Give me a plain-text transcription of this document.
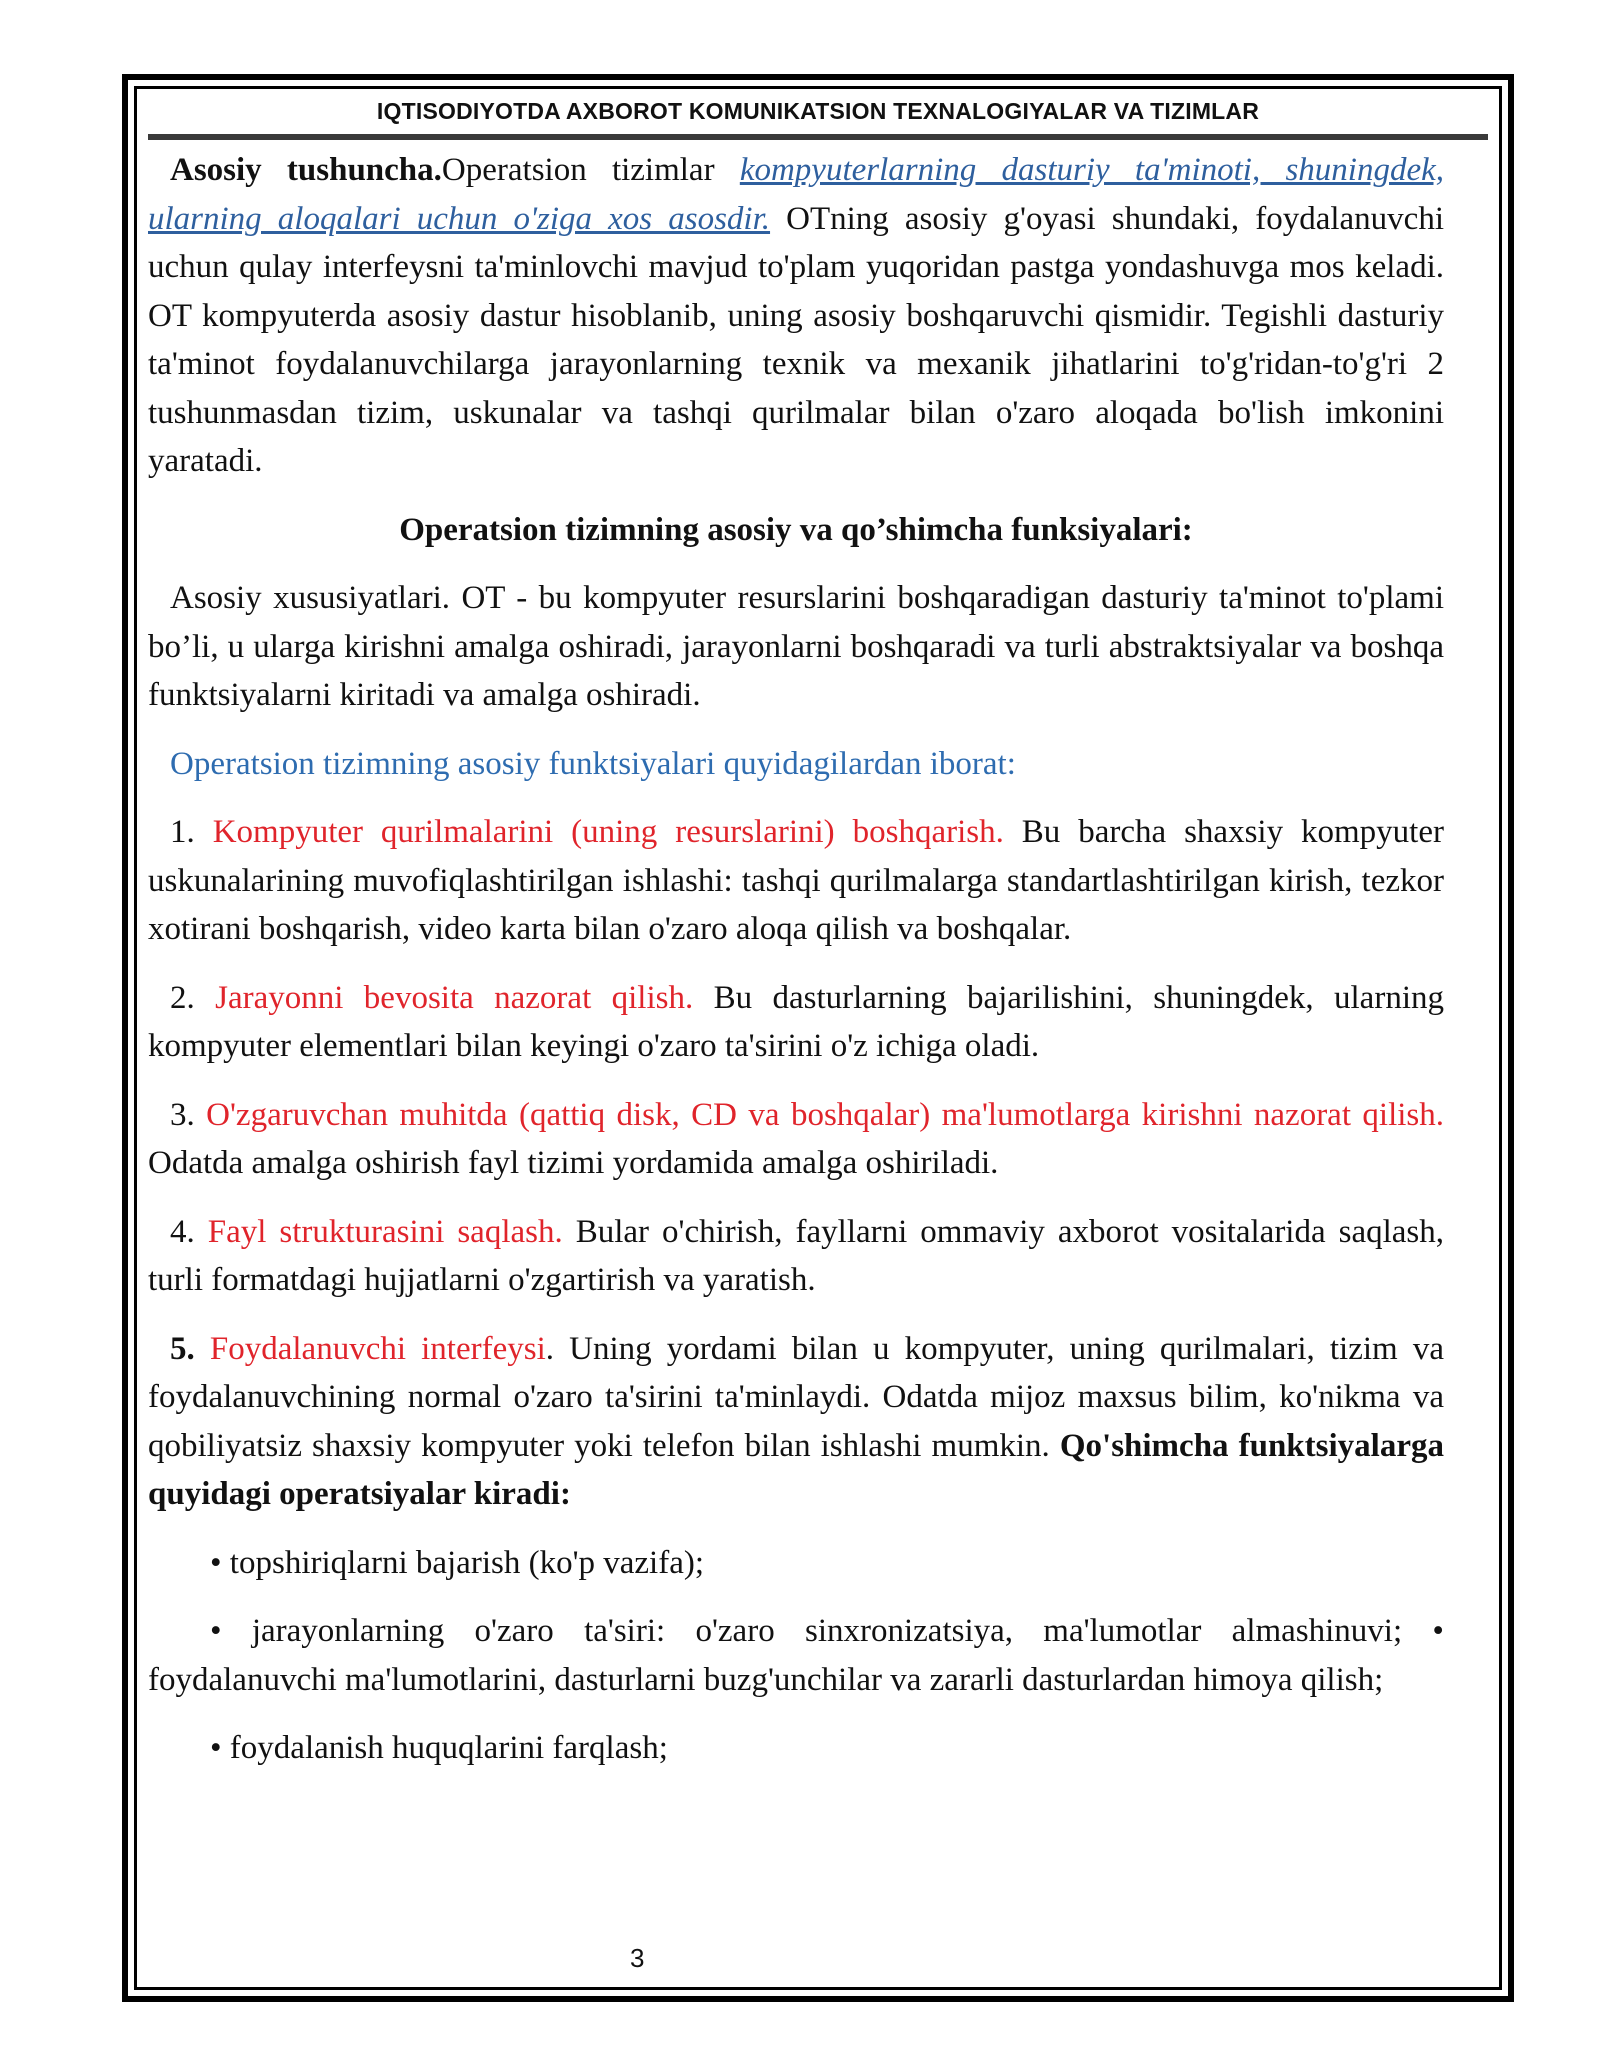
IQTISODIYOTDA AXBOROT KOMUNIKATSION TEXNALOGIYALAR VA TIZIMLAR

Asosiy tushuncha.Operatsion tizimlar kompyuterlarning dasturiy ta'minoti, shuningdek, ularning aloqalari uchun o'ziga xos asosdir. OTning asosiy g'oyasi shundaki, foydalanuvchi uchun qulay interfeysni ta'minlovchi mavjud to'plam yuqoridan pastga yondashuvga mos keladi. OT kompyuterda asosiy dastur hisoblanib, uning asosiy boshqaruvchi qismidir. Tegishli dasturiy ta'minot foydalanuvchilarga jarayonlarning texnik va mexanik jihatlarini to'g'ridan-to'g'ri 2 tushunmasdan tizim, uskunalar va tashqi qurilmalar bilan o'zaro aloqada bo'lish imkonini yaratadi.

Operatsion tizimning asosiy va qo’shimcha funksiyalari:

Asosiy xususiyatlari. OT - bu kompyuter resurslarini boshqaradigan dasturiy ta'minot to'plami bo’li, u ularga kirishni amalga oshiradi, jarayonlarni boshqaradi va turli abstraktsiyalar va boshqa funktsiyalarni kiritadi va amalga oshiradi.

Operatsion tizimning asosiy funktsiyalari quyidagilardan iborat:

1. Kompyuter qurilmalarini (uning resurslarini) boshqarish. Bu barcha shaxsiy kompyuter uskunalarining muvofiqlashtirilgan ishlashi: tashqi qurilmalarga standartlashtirilgan kirish, tezkor xotirani boshqarish, video karta bilan o'zaro aloqa qilish va boshqalar.

2. Jarayonni bevosita nazorat qilish. Bu dasturlarning bajarilishini, shuningdek, ularning kompyuter elementlari bilan keyingi o'zaro ta'sirini o'z ichiga oladi.

3. O'zgaruvchan muhitda (qattiq disk, CD va boshqalar) ma'lumotlarga kirishni nazorat qilish. Odatda amalga oshirish fayl tizimi yordamida amalga oshiriladi.

4. Fayl strukturasini saqlash. Bular o'chirish, fayllarni ommaviy axborot vositalarida saqlash, turli formatdagi hujjatlarni o'zgartirish va yaratish.

5. Foydalanuvchi interfeysi. Uning yordami bilan u kompyuter, uning qurilmalari, tizim va foydalanuvchining normal o'zaro ta'sirini ta'minlaydi. Odatda mijoz maxsus bilim, ko'nikma va qobiliyatsiz shaxsiy kompyuter yoki telefon bilan ishlashi mumkin. Qo'shimcha funktsiyalarga quyidagi operatsiyalar kiradi:

• topshiriqlarni bajarish (ko'p vazifa);

• jarayonlarning o'zaro ta'siri: o'zaro sinxronizatsiya, ma'lumotlar almashinuvi; • foydalanuvchi ma'lumotlarini, dasturlarni buzg'unchilar va zararli dasturlardan himoya qilish;

• foydalanish huquqlarini farqlash;

3
